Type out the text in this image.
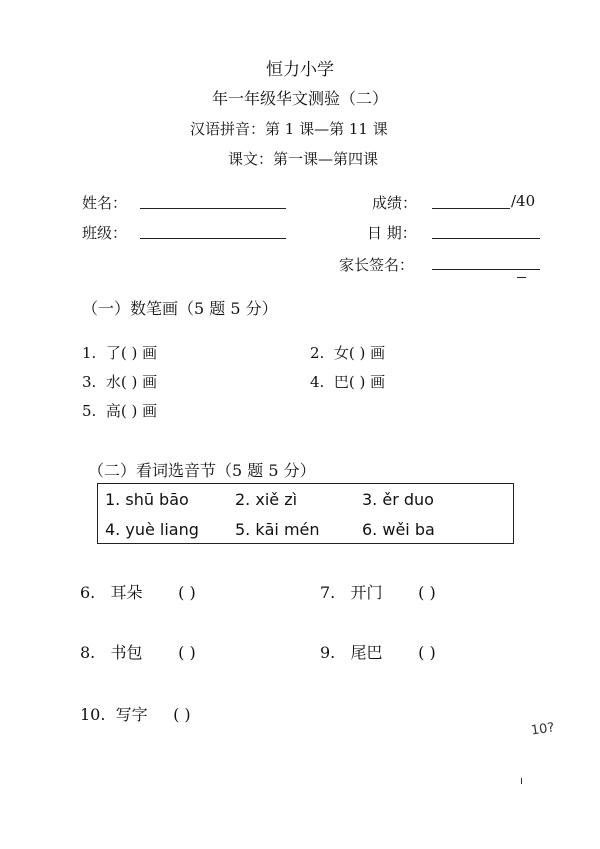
恒力小学
年一年级华文测验（二）
汉语拼音：第 1 课—第 11 课
课文：第一课—第四课
姓名：	成绩：	/40
班级：	日 期：
家长签名：
（一）数笔画（5 题 5 分）
1. 了( ) 画	2. 女( ) 画
3. 水( ) 画	4. 巴( ) 画
5. 高( ) 画
（二）看词选音节（5 题 5 分）
1. shū bāo	2. xiě zì	3. ěr duo
4. yuè liang 5. kāi mén	6. wěi ba
6. 耳朵 ( )	7. 开门 ( )
8. 书包 ( )	9. 尾巴 ( )
10. 写字 ( )
10?
